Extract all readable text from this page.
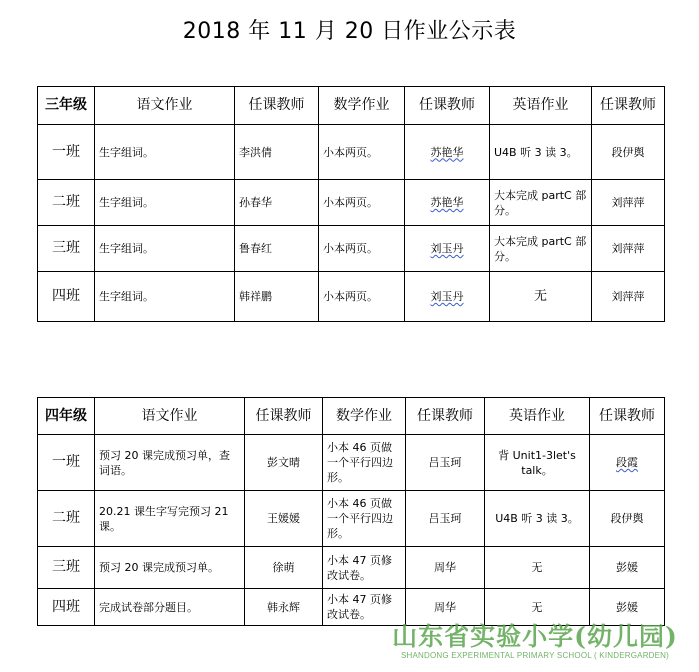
2018 年 11 月 20 日作业公示表
三年级	语文作业	任课教师	数学作业	任课教师	英语作业	任课教师
一班	生字组词。	李洪倩	小本两页。	苏艳华	U4B 听 3 读 3。	段伊舆
二班	生字组词。	孙春华	小本两页。	苏艳华	大本完成 partC 部分。	刘萍萍
三班	生字组词。	鲁春红	小本两页。	刘玉丹	大本完成 partC 部分。	刘萍萍
四班	生字组词。	韩祥鹏	小本两页。	刘玉丹	无	刘萍萍
四年级	语文作业	任课教师	数学作业	任课教师	英语作业	任课教师
一班	预习 20 课完成预习单，查词语。	彭文晴	小本 46 页做一个平行四边形。	吕玉珂	背 Unit1-3let's talk。	段霞
二班	20.21 课生字写完预习 21 课。	王媛媛	小本 46 页做一个平行四边形。	吕玉珂	U4B 听 3 读 3。	段伊舆
三班	预习 20 课完成预习单。	徐萌	小本 47 页修改试卷。	周华	无	彭媛
四班	完成试卷部分题目。	韩永辉	小本 47 页修改试卷。	周华	无	彭媛
山东省实验小学(幼儿园)
SHANDONG EXPERIMENTAL PRIMARY SCHOOL ( KINDERGARDEN)
